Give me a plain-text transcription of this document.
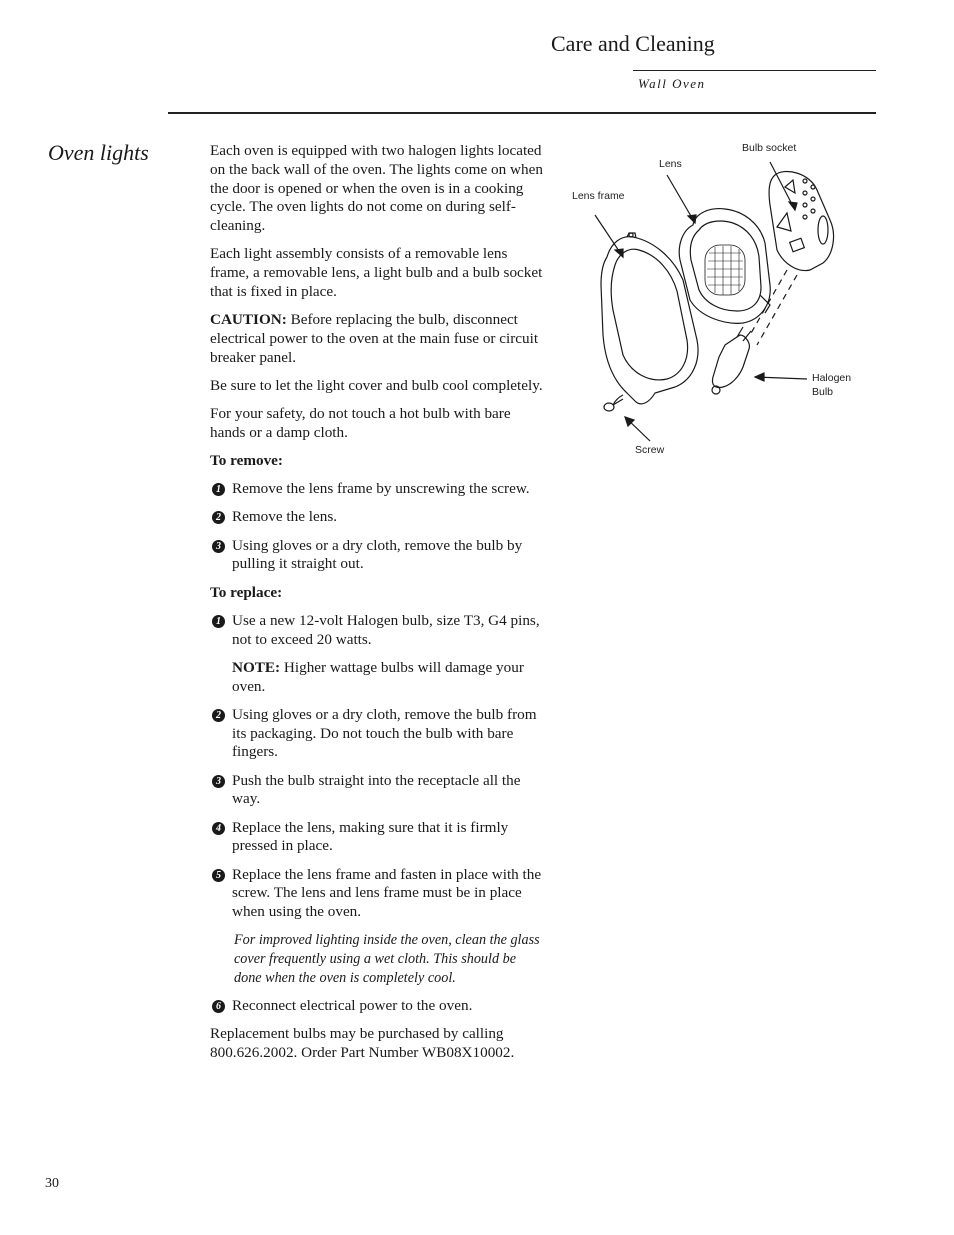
Care and Cleaning
Wall Oven
Oven lights	Each oven is equipped with two halogen lights located on the back wall of the oven. The lights come on when the door is opened or when the oven is in a cooking cycle. The oven lights do not come on during self-cleaning.

Each light assembly consists of a removable lens frame, a removable lens, a light bulb and a bulb socket that is fixed in place.

CAUTION: Before replacing the bulb, disconnect electrical power to the oven at the main fuse or circuit breaker panel.

Be sure to let the light cover and bulb cool completely.

For your safety, do not touch a hot bulb with bare hands or a damp cloth.

To remove:

1 Remove the lens frame by unscrewing the screw.
2 Remove the lens.
3 Using gloves or a dry cloth, remove the bulb by pulling it straight out.

To replace:

1 Use a new 12-volt Halogen bulb, size T3, G4 pins, not to exceed 20 watts.

NOTE: Higher wattage bulbs will damage your oven.

2 Using gloves or a dry cloth, remove the bulb from its packaging. Do not touch the bulb with bare fingers.
3 Push the bulb straight into the receptacle all the way.
4 Replace the lens, making sure that it is firmly pressed in place.
5 Replace the lens frame and fasten in place with the screw. The lens and lens frame must be in place when using the oven.

For improved lighting inside the oven, clean the glass cover frequently using a wet cloth. This should be done when the oven is completely cool.

6 Reconnect electrical power to the oven.

Replacement bulbs may be purchased by calling 800.626.2002. Order Part Number WB08X10002.

Bulb socket
Lens
Lens frame
Halogen
Bulb
Screw
30
